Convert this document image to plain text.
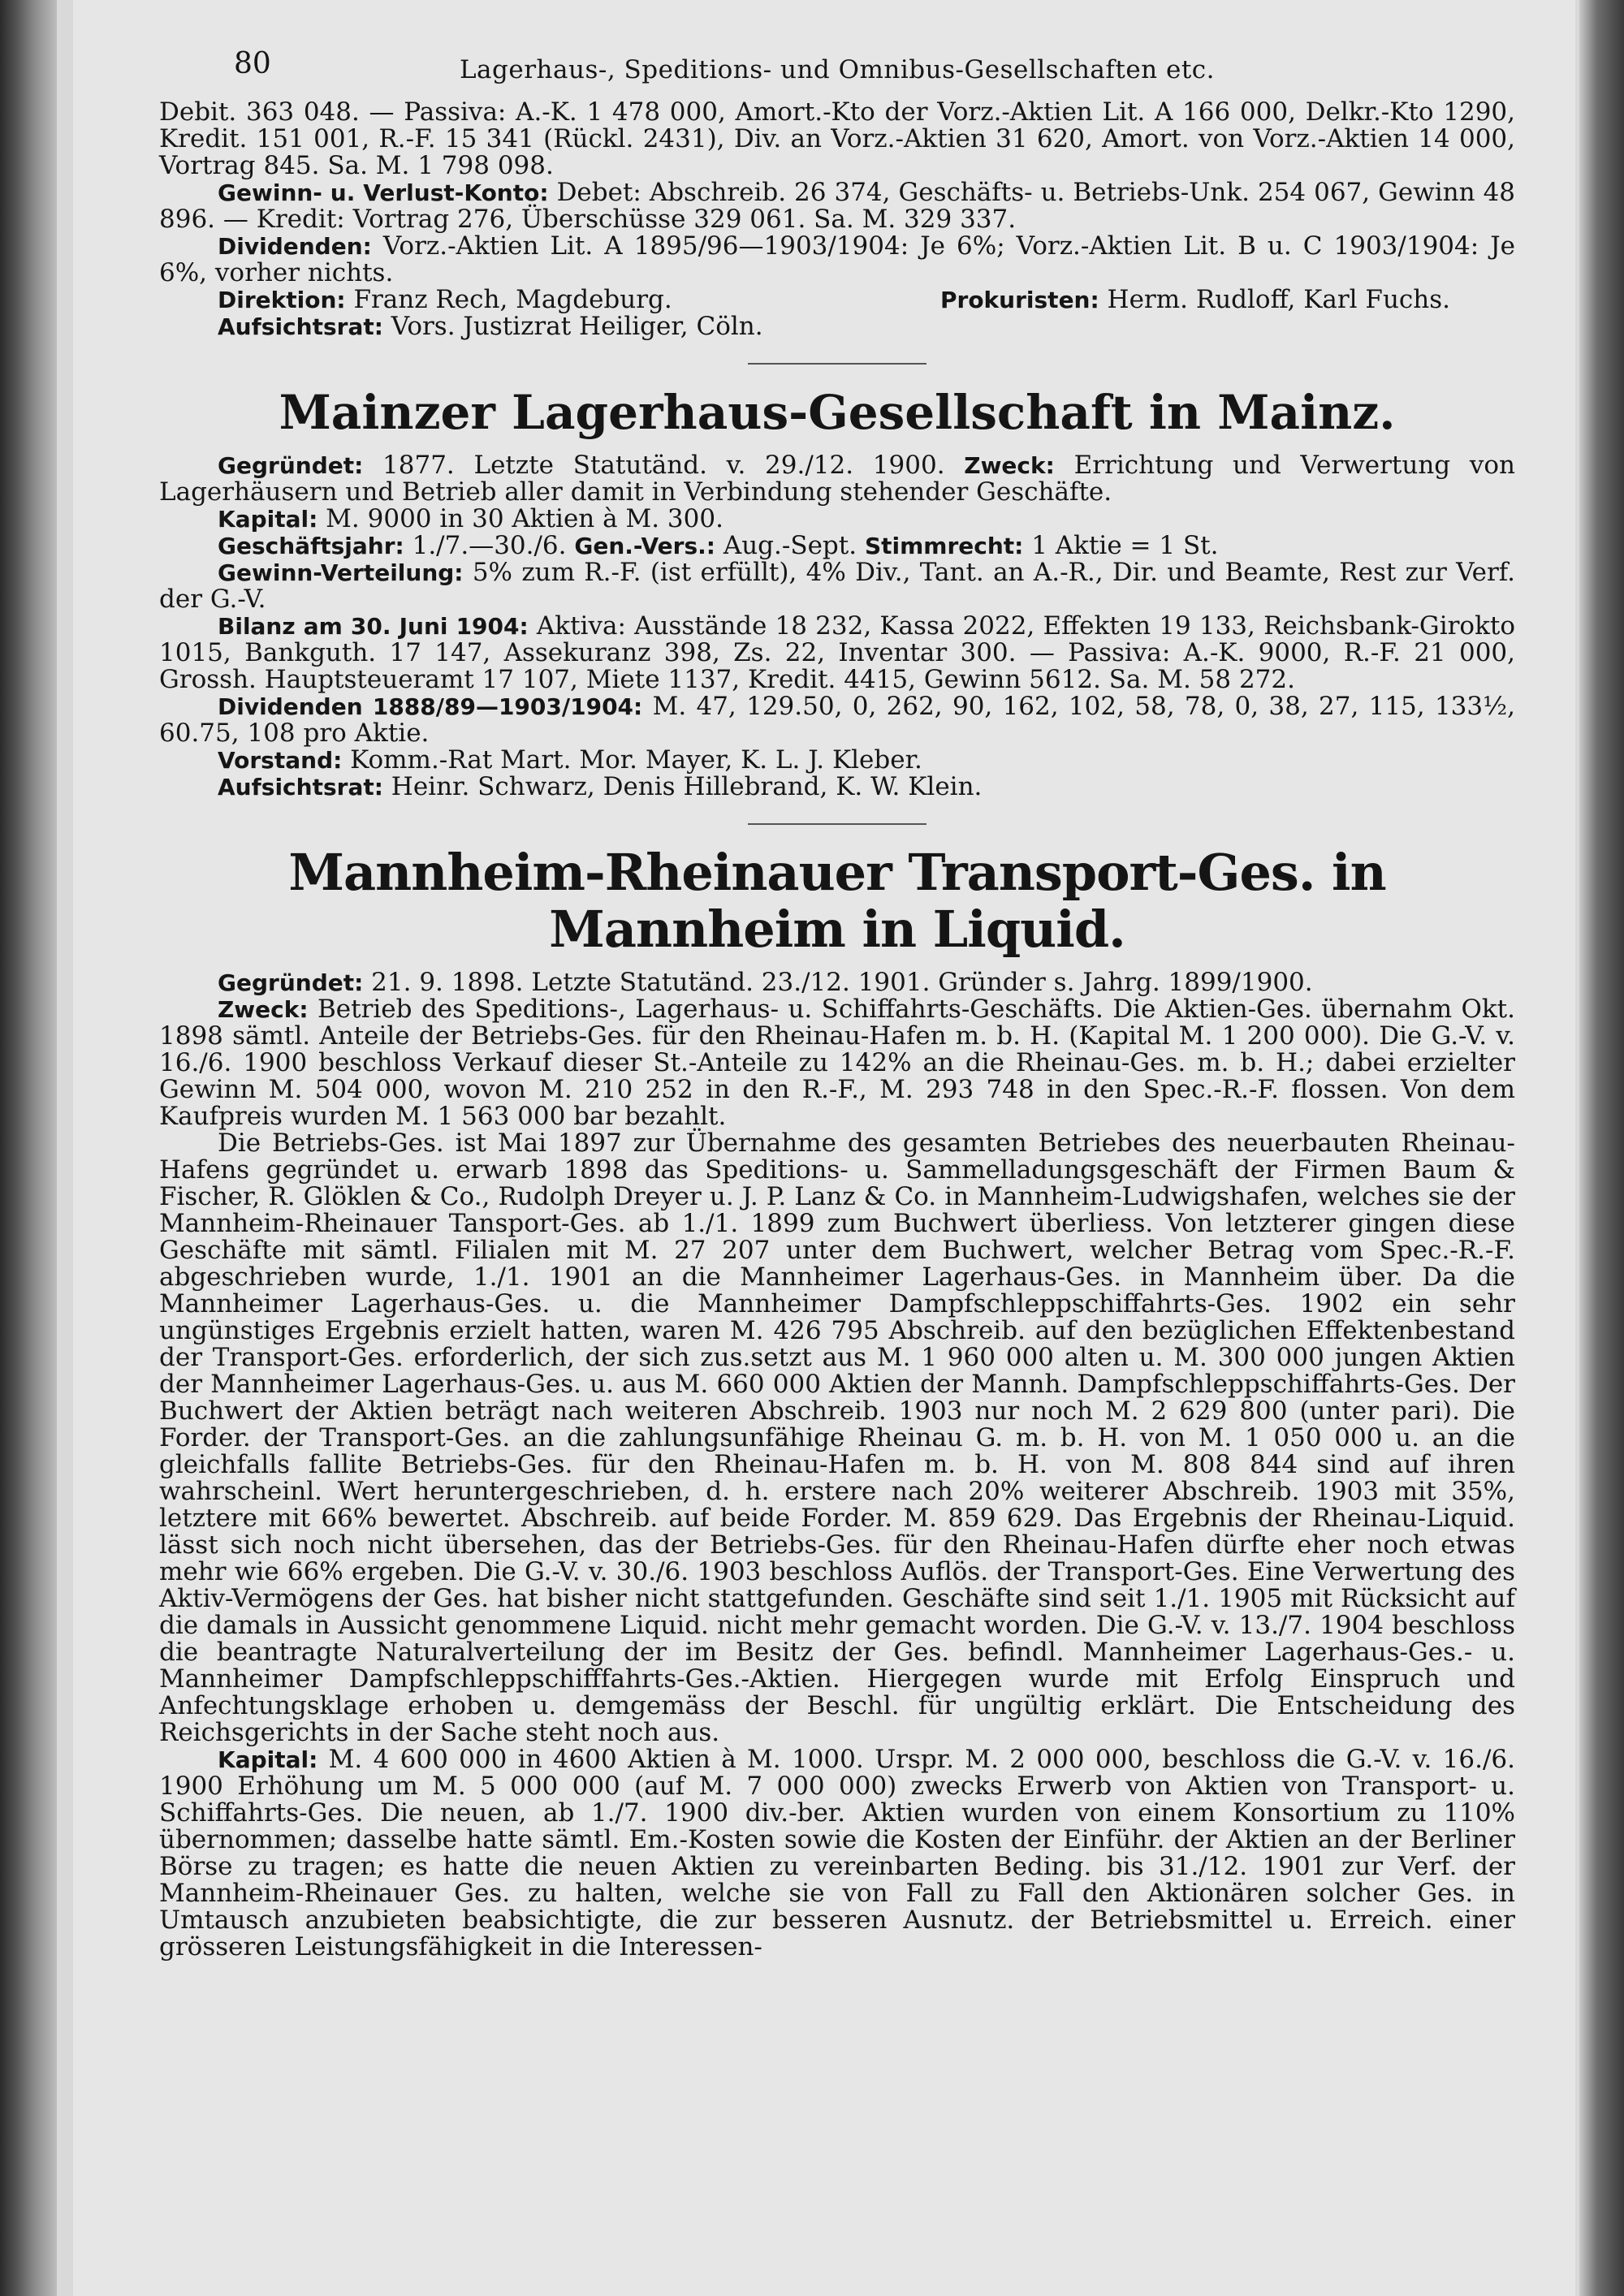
80	Lagerhaus-, Speditions- und Omnibus-Gesellschaften etc.

Debit. 363 048. — Passiva: A.-K. 1 478 000, Amort.-Kto der Vorz.-Aktien Lit. A 166 000, Delkr.-Kto 1290, Kredit. 151 001, R.-F. 15 341 (Rückl. 2431), Div. an Vorz.-Aktien 31 620, Amort. von Vorz.-Aktien 14 000, Vortrag 845. Sa. M. 1 798 098.

Gewinn- u. Verlust-Konto: Debet: Abschreib. 26 374, Geschäfts- u. Betriebs-Unk. 254 067, Gewinn 48 896. — Kredit: Vortrag 276, Überschüsse 329 061. Sa. M. 329 337.

Dividenden: Vorz.-Aktien Lit. A 1895/96—1903/1904: Je 6%; Vorz.-Aktien Lit. B u. C 1903/1904: Je 6%, vorher nichts.

Direktion: Franz Rech, Magdeburg.	Prokuristen: Herm. Rudloff, Karl Fuchs.

Aufsichtsrat: Vors. Justizrat Heiliger, Cöln.

Mainzer Lagerhaus-Gesellschaft in Mainz.

Gegründet: 1877. Letzte Statutänd. v. 29./12. 1900. Zweck: Errichtung und Verwertung von Lagerhäusern und Betrieb aller damit in Verbindung stehender Geschäfte.

Kapital: M. 9000 in 30 Aktien à M. 300.

Geschäftsjahr: 1./7.—30./6. Gen.-Vers.: Aug.-Sept. Stimmrecht: 1 Aktie = 1 St.

Gewinn-Verteilung: 5% zum R.-F. (ist erfüllt), 4% Div., Tant. an A.-R., Dir. und Beamte, Rest zur Verf. der G.-V.

Bilanz am 30. Juni 1904: Aktiva: Ausstände 18 232, Kassa 2022, Effekten 19 133, Reichsbank-Girokto 1015, Bankguth. 17 147, Assekuranz 398, Zs. 22, Inventar 300. — Passiva: A.-K. 9000, R.-F. 21 000, Grossh. Hauptsteueramt 17 107, Miete 1137, Kredit. 4415, Gewinn 5612. Sa. M. 58 272.

Dividenden 1888/89—1903/1904: M. 47, 129.50, 0, 262, 90, 162, 102, 58, 78, 0, 38, 27, 115, 133½, 60.75, 108 pro Aktie.

Vorstand: Komm.-Rat Mart. Mor. Mayer, K. L. J. Kleber.

Aufsichtsrat: Heinr. Schwarz, Denis Hillebrand, K. W. Klein.

Mannheim-Rheinauer Transport-Ges. in Mannheim in Liquid.

Gegründet: 21. 9. 1898. Letzte Statutänd. 23./12. 1901. Gründer s. Jahrg. 1899/1900.

Zweck: Betrieb des Speditions-, Lagerhaus- u. Schiffahrts-Geschäfts. Die Aktien-Ges. übernahm Okt. 1898 sämtl. Anteile der Betriebs-Ges. für den Rheinau-Hafen m. b. H. (Kapital M. 1 200 000). Die G.-V. v. 16./6. 1900 beschloss Verkauf dieser St.-Anteile zu 142% an die Rheinau-Ges. m. b. H.; dabei erzielter Gewinn M. 504 000, wovon M. 210 252 in den R.-F., M. 293 748 in den Spec.-R.-F. flossen. Von dem Kaufpreis wurden M. 1 563 000 bar bezahlt.

Die Betriebs-Ges. ist Mai 1897 zur Übernahme des gesamten Betriebes des neuerbauten Rheinau-Hafens gegründet u. erwarb 1898 das Speditions- u. Sammelladungsgeschäft der Firmen Baum & Fischer, R. Glöklen & Co., Rudolph Dreyer u. J. P. Lanz & Co. in Mannheim-Ludwigshafen, welches sie der Mannheim-Rheinauer Tansport-Ges. ab 1./1. 1899 zum Buchwert überliess. Von letzterer gingen diese Geschäfte mit sämtl. Filialen mit M. 27 207 unter dem Buchwert, welcher Betrag vom Spec.-R.-F. abgeschrieben wurde, 1./1. 1901 an die Mannheimer Lagerhaus-Ges. in Mannheim über. Da die Mannheimer Lagerhaus-Ges. u. die Mannheimer Dampfschleppschiffahrts-Ges. 1902 ein sehr ungünstiges Ergebnis erzielt hatten, waren M. 426 795 Abschreib. auf den bezüglichen Effektenbestand der Transport-Ges. erforderlich, der sich zus.setzt aus M. 1 960 000 alten u. M. 300 000 jungen Aktien der Mannheimer Lagerhaus-Ges. u. aus M. 660 000 Aktien der Mannh. Dampfschleppschiffahrts-Ges. Der Buchwert der Aktien beträgt nach weiteren Abschreib. 1903 nur noch M. 2 629 800 (unter pari). Die Forder. der Transport-Ges. an die zahlungsunfähige Rheinau G. m. b. H. von M. 1 050 000 u. an die gleichfalls fallite Betriebs-Ges. für den Rheinau-Hafen m. b. H. von M. 808 844 sind auf ihren wahrscheinl. Wert heruntergeschrieben, d. h. erstere nach 20% weiterer Abschreib. 1903 mit 35%, letztere mit 66% bewertet. Abschreib. auf beide Forder. M. 859 629. Das Ergebnis der Rheinau-Liquid. lässt sich noch nicht übersehen, das der Betriebs-Ges. für den Rheinau-Hafen dürfte eher noch etwas mehr wie 66% ergeben. Die G.-V. v. 30./6. 1903 beschloss Auflös. der Transport-Ges. Eine Verwertung des Aktiv-Vermögens der Ges. hat bisher nicht stattgefunden. Geschäfte sind seit 1./1. 1905 mit Rücksicht auf die damals in Aussicht genommene Liquid. nicht mehr gemacht worden. Die G.-V. v. 13./7. 1904 beschloss die beantragte Naturalverteilung der im Besitz der Ges. befindl. Mannheimer Lagerhaus-Ges.- u. Mannheimer Dampfschleppschifffahrts-Ges.-Aktien. Hiergegen wurde mit Erfolg Einspruch und Anfechtungsklage erhoben u. demgemäss der Beschl. für ungültig erklärt. Die Entscheidung des Reichsgerichts in der Sache steht noch aus.

Kapital: M. 4 600 000 in 4600 Aktien à M. 1000. Urspr. M. 2 000 000, beschloss die G.-V. v. 16./6. 1900 Erhöhung um M. 5 000 000 (auf M. 7 000 000) zwecks Erwerb von Aktien von Transport- u. Schiffahrts-Ges. Die neuen, ab 1./7. 1900 div.-ber. Aktien wurden von einem Konsortium zu 110% übernommen; dasselbe hatte sämtl. Em.-Kosten sowie die Kosten der Einführ. der Aktien an der Berliner Börse zu tragen; es hatte die neuen Aktien zu vereinbarten Beding. bis 31./12. 1901 zur Verf. der Mannheim-Rheinauer Ges. zu halten, welche sie von Fall zu Fall den Aktionären solcher Ges. in Umtausch anzubieten beabsichtigte, die zur besseren Ausnutz. der Betriebsmittel u. Erreich. einer grösseren Leistungsfähigkeit in die Interessen-
